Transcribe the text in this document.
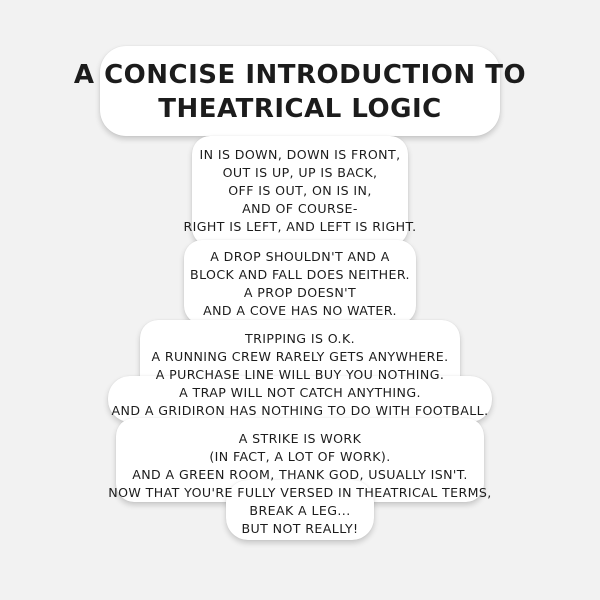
A CONCISE INTRODUCTION TO
THEATRICAL LOGIC
IN IS DOWN, DOWN IS FRONT,
OUT IS UP, UP IS BACK,
OFF IS OUT, ON IS IN,
AND OF COURSE-
RIGHT IS LEFT, AND LEFT IS RIGHT.
A DROP SHOULDN'T AND A
BLOCK AND FALL DOES NEITHER.
A PROP DOESN'T
AND A COVE HAS NO WATER.
TRIPPING IS O.K.
A RUNNING CREW RARELY GETS ANYWHERE.
A PURCHASE LINE WILL BUY YOU NOTHING.
A TRAP WILL NOT CATCH ANYTHING.
AND A GRIDIRON HAS NOTHING TO DO WITH FOOTBALL.
A STRIKE IS WORK
(IN FACT, A LOT OF WORK).
AND A GREEN ROOM, THANK GOD, USUALLY ISN'T.
NOW THAT YOU'RE FULLY VERSED IN THEATRICAL TERMS,
BREAK A LEG...
BUT NOT REALLY!
